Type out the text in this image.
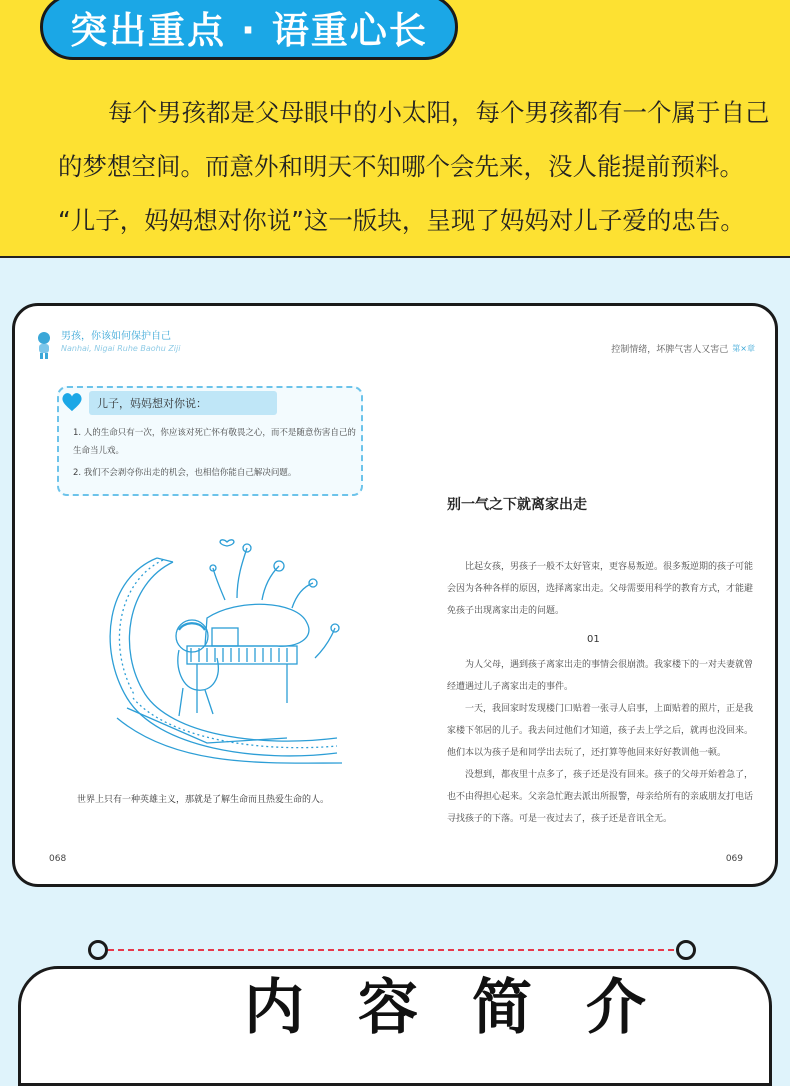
突出重点 · 语重心长

每个男孩都是父母眼中的小太阳，每个男孩都有一个属于自己

的梦想空间。而意外和明天不知哪个会先来，没人能提前预料。

“儿子，妈妈想对你说”这一版块，呈现了妈妈对儿子爱的忠告。

男孩，你该如何保护自己
Nanhai, Nigai Ruhe Baohu Ziji	控制情绪，坏脾气害人又害己 第×章
儿子，妈妈想对你说：
1. 人的生命只有一次，你应该对死亡怀有敬畏之心，而不是随意伤害自己的生命当儿戏。
2. 我们不会剥夺你出走的机会，也相信你能自己解决问题。
世界上只有一种英雄主义，那就是了解生命而且热爱生命的人。
068	069
别一气之下就离家出走

比起女孩，男孩子一般不太好管束，更容易叛逆。很多叛逆期的孩子可能会因为各种各样的原因，选择离家出走。父母需要用科学的教育方式，才能避免孩子出现离家出走的问题。

01

为人父母，遇到孩子离家出走的事情会很崩溃。我家楼下的一对夫妻就曾经遭遇过儿子离家出走的事件。

一天，我回家时发现楼门口贴着一张寻人启事，上面贴着的照片，正是我家楼下邻居的儿子。我去问过他们才知道，孩子去上学之后，就再也没回来。他们本以为孩子是和同学出去玩了，还打算等他回来好好教训他一顿。

没想到，都夜里十点多了，孩子还是没有回来。孩子的父母开始着急了，也不由得担心起来。父亲急忙跑去派出所报警，母亲给所有的亲戚朋友打电话寻找孩子的下落。可是一夜过去了，孩子还是音讯全无。

内容简介
